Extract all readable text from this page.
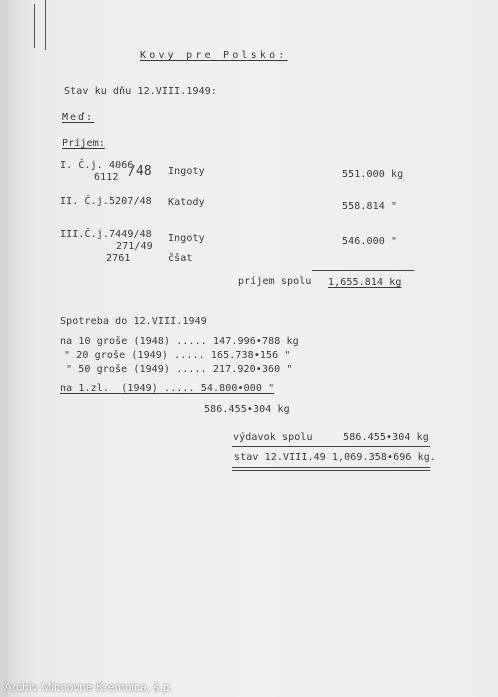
Kovy pre Polsko:
Stav ku dňu 12.VIII.1949:
Meď:
Príjem:
I. Č.j. 4066
6112 /48 Ingoty	551.000 kg
II. Č.j.5207/48 Katody	558.814 "
III.Č.j.7449/48
271/49
2761
Ingoty
čšat
546.000 "
príjem spolu 1,655.814 kg
Spotreba do 12.VIII.1949
na 10 groše (1948) ..... 147.996•788 kg
" 20 groše (1949) ..... 165.738•156 "
" 50 groše (1949) ..... 217.920•360 "
na 1.zl.  (1949) ..... 54.800•000 "
586.455•304 kg
výdavok spolu     586.455•304 kg
stav 12.VIII.49 1,069.358•696 kg.
Archív Mincovne Kremnica, š.p.
